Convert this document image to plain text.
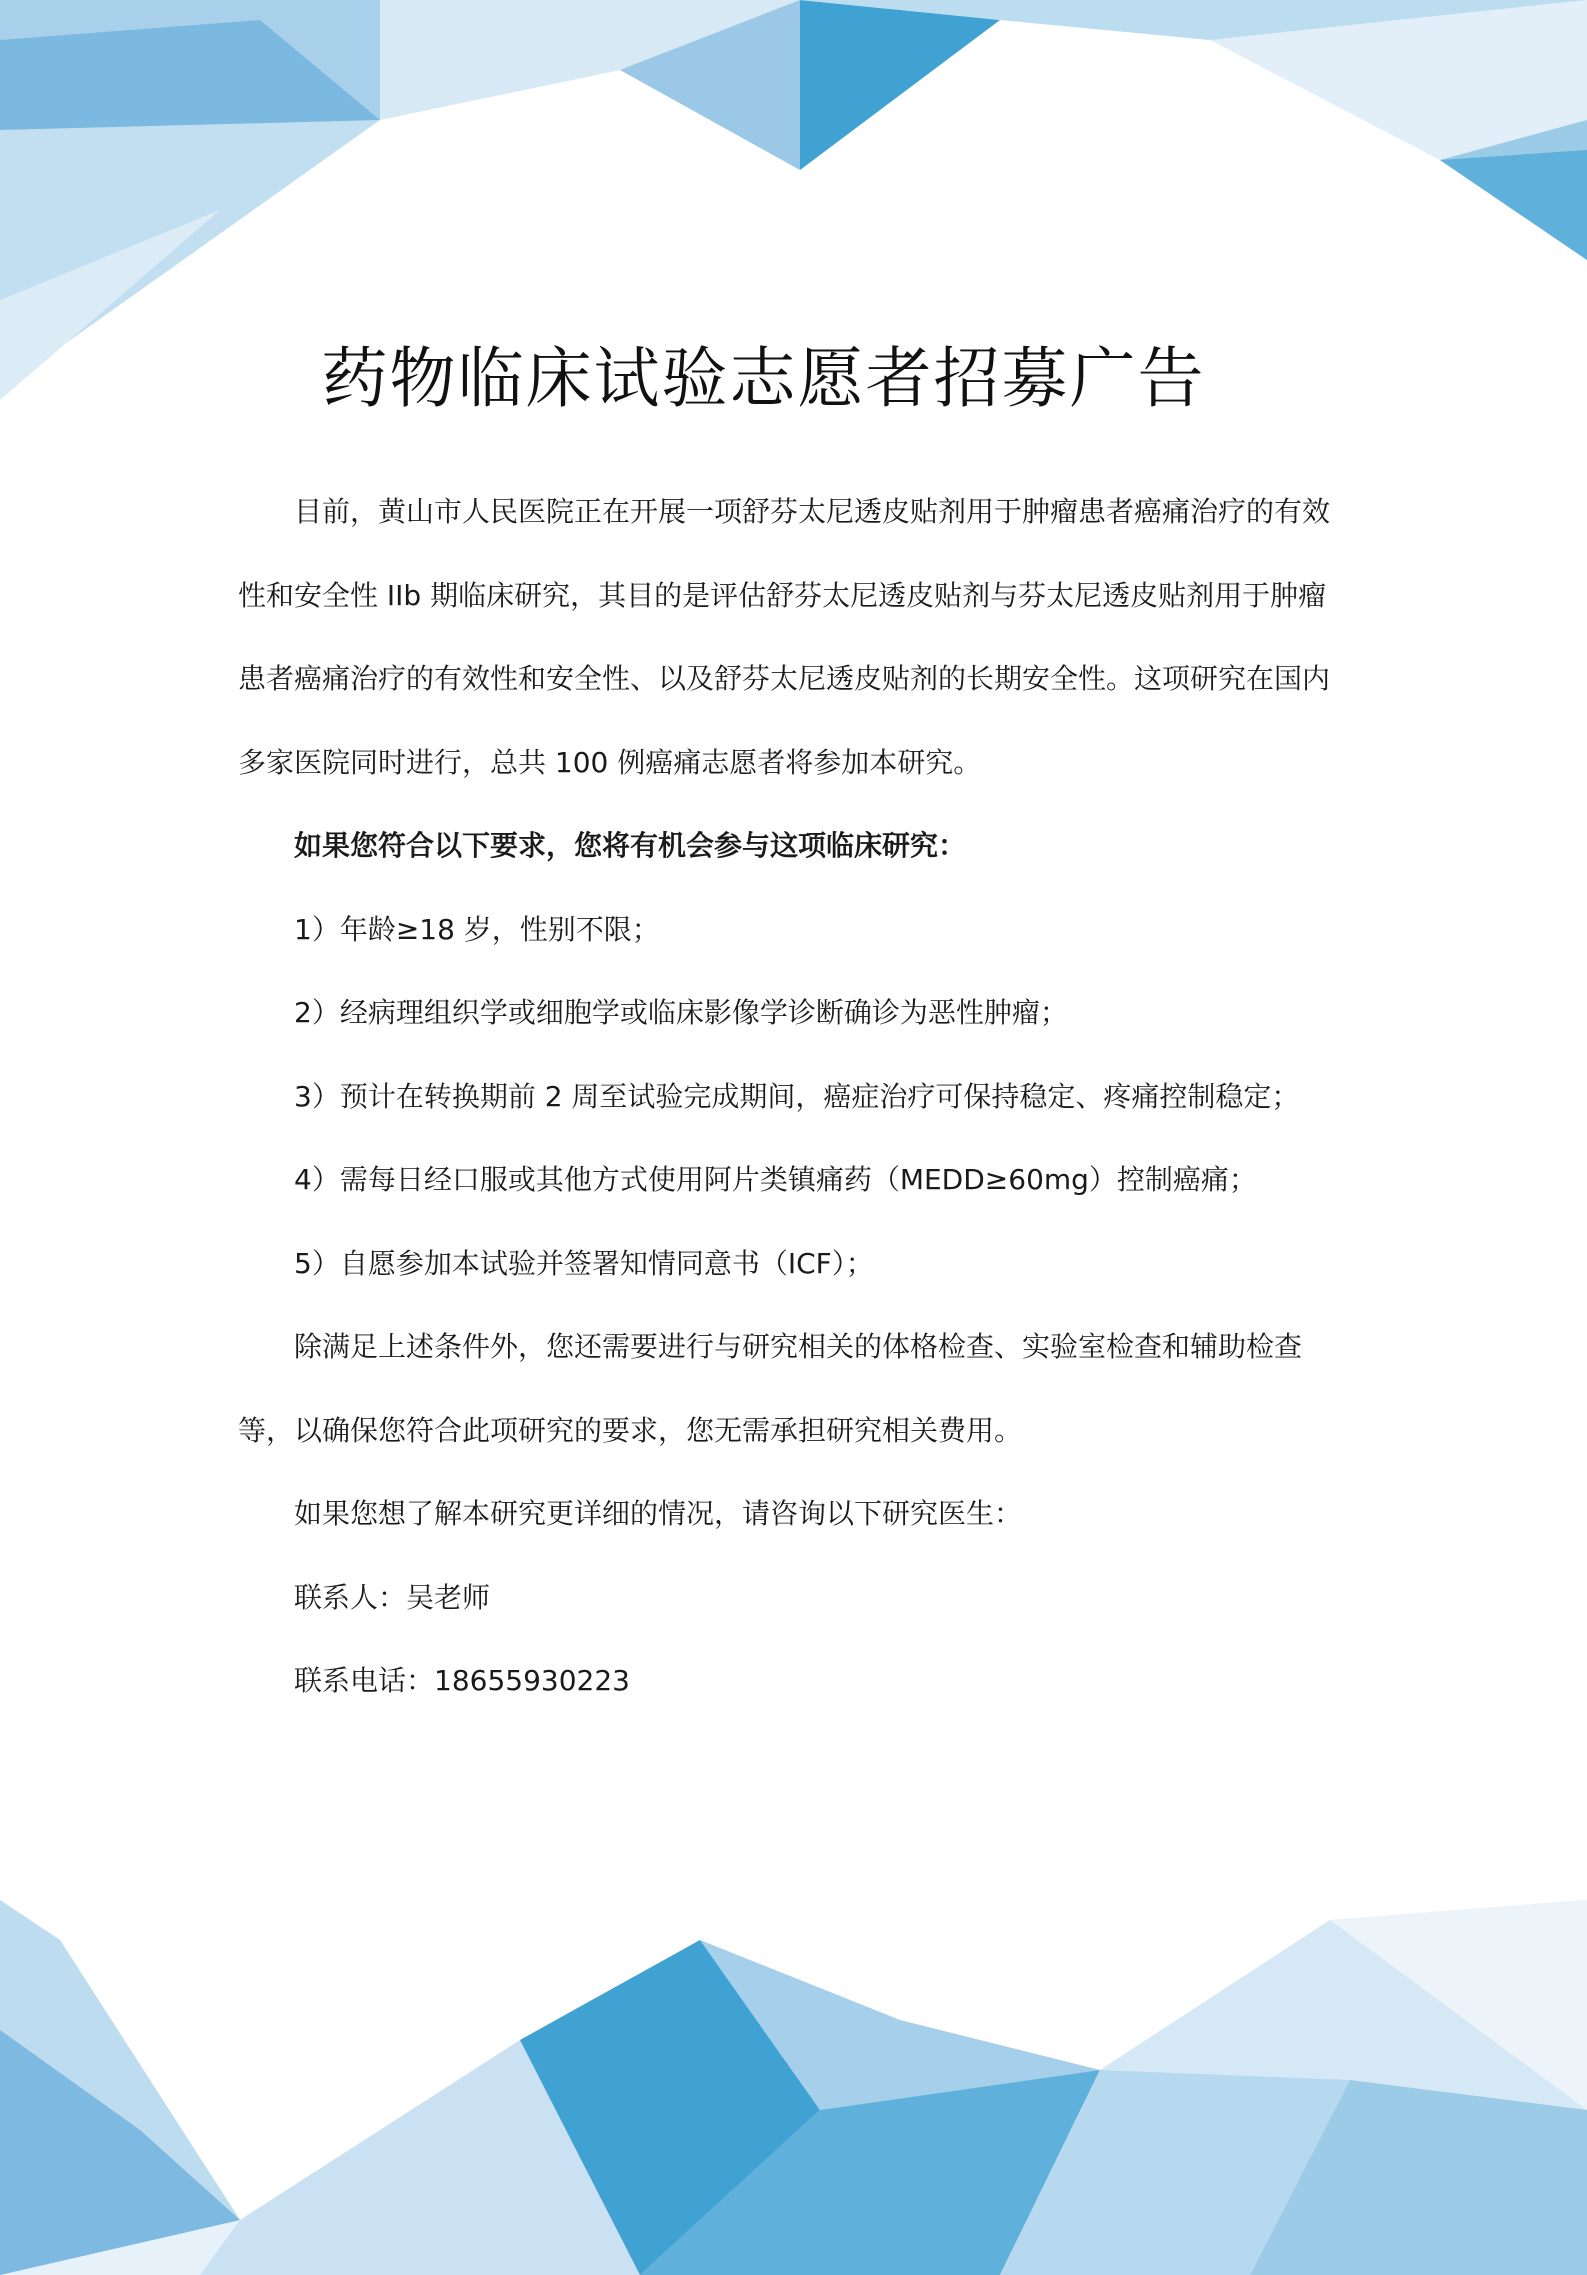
药物临床试验志愿者招募广告

目前，黄山市人民医院正在开展一项舒芬太尼透皮贴剂用于肿瘤患者癌痛治疗的有效性和安全性 IIb 期临床研究，其目的是评估舒芬太尼透皮贴剂与芬太尼透皮贴剂用于肿瘤患者癌痛治疗的有效性和安全性、以及舒芬太尼透皮贴剂的长期安全性。这项研究在国内多家医院同时进行，总共 100 例癌痛志愿者将参加本研究。

如果您符合以下要求，您将有机会参与这项临床研究：

1）年龄≥18 岁，性别不限；

2）经病理组织学或细胞学或临床影像学诊断确诊为恶性肿瘤；

3）预计在转换期前 2 周至试验完成期间，癌症治疗可保持稳定、疼痛控制稳定；

4）需每日经口服或其他方式使用阿片类镇痛药（MEDD≥60mg）控制癌痛；

5）自愿参加本试验并签署知情同意书（ICF）；

除满足上述条件外，您还需要进行与研究相关的体格检查、实验室检查和辅助检查等，以确保您符合此项研究的要求，您无需承担研究相关费用。

如果您想了解本研究更详细的情况，请咨询以下研究医生：

联系人：吴老师

联系电话：18655930223
